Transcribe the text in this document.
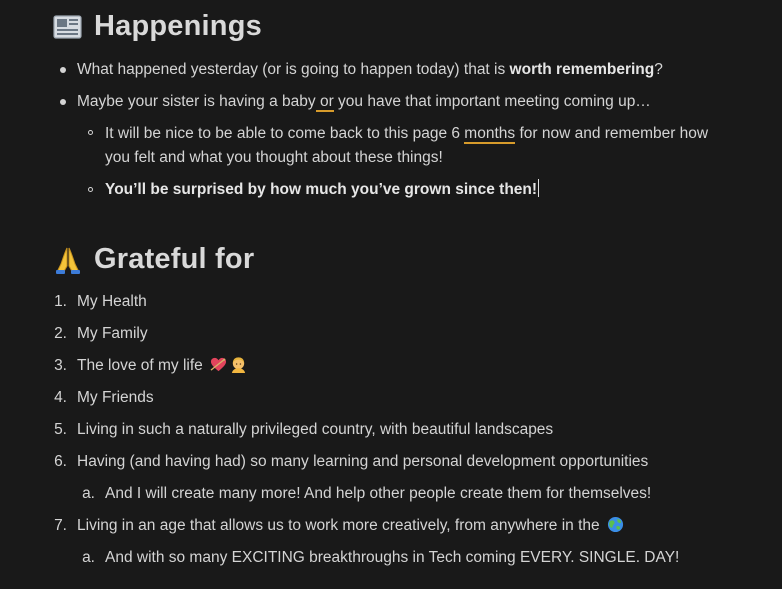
Happenings
What happened yesterday (or is going to happen today) that is worth remembering?
Maybe your sister is having a baby or you have that important meeting coming up…
It will be nice to be able to come back to this page 6 months for now and remember how
you felt and what you thought about these things!
You’ll be surprised by how much you’ve grown since then!
Grateful for
1. My Health
2. My Family
3. The love of my life
4. My Friends
5. Living in such a naturally privileged country, with beautiful landscapes
6. Having (and having had) so many learning and personal development opportunities
a. And I will create many more! And help other people create them for themselves!
7. Living in an age that allows us to work more creatively, from anywhere in the
a. And with so many EXCITING breakthroughs in Tech coming EVERY. SINGLE. DAY!
